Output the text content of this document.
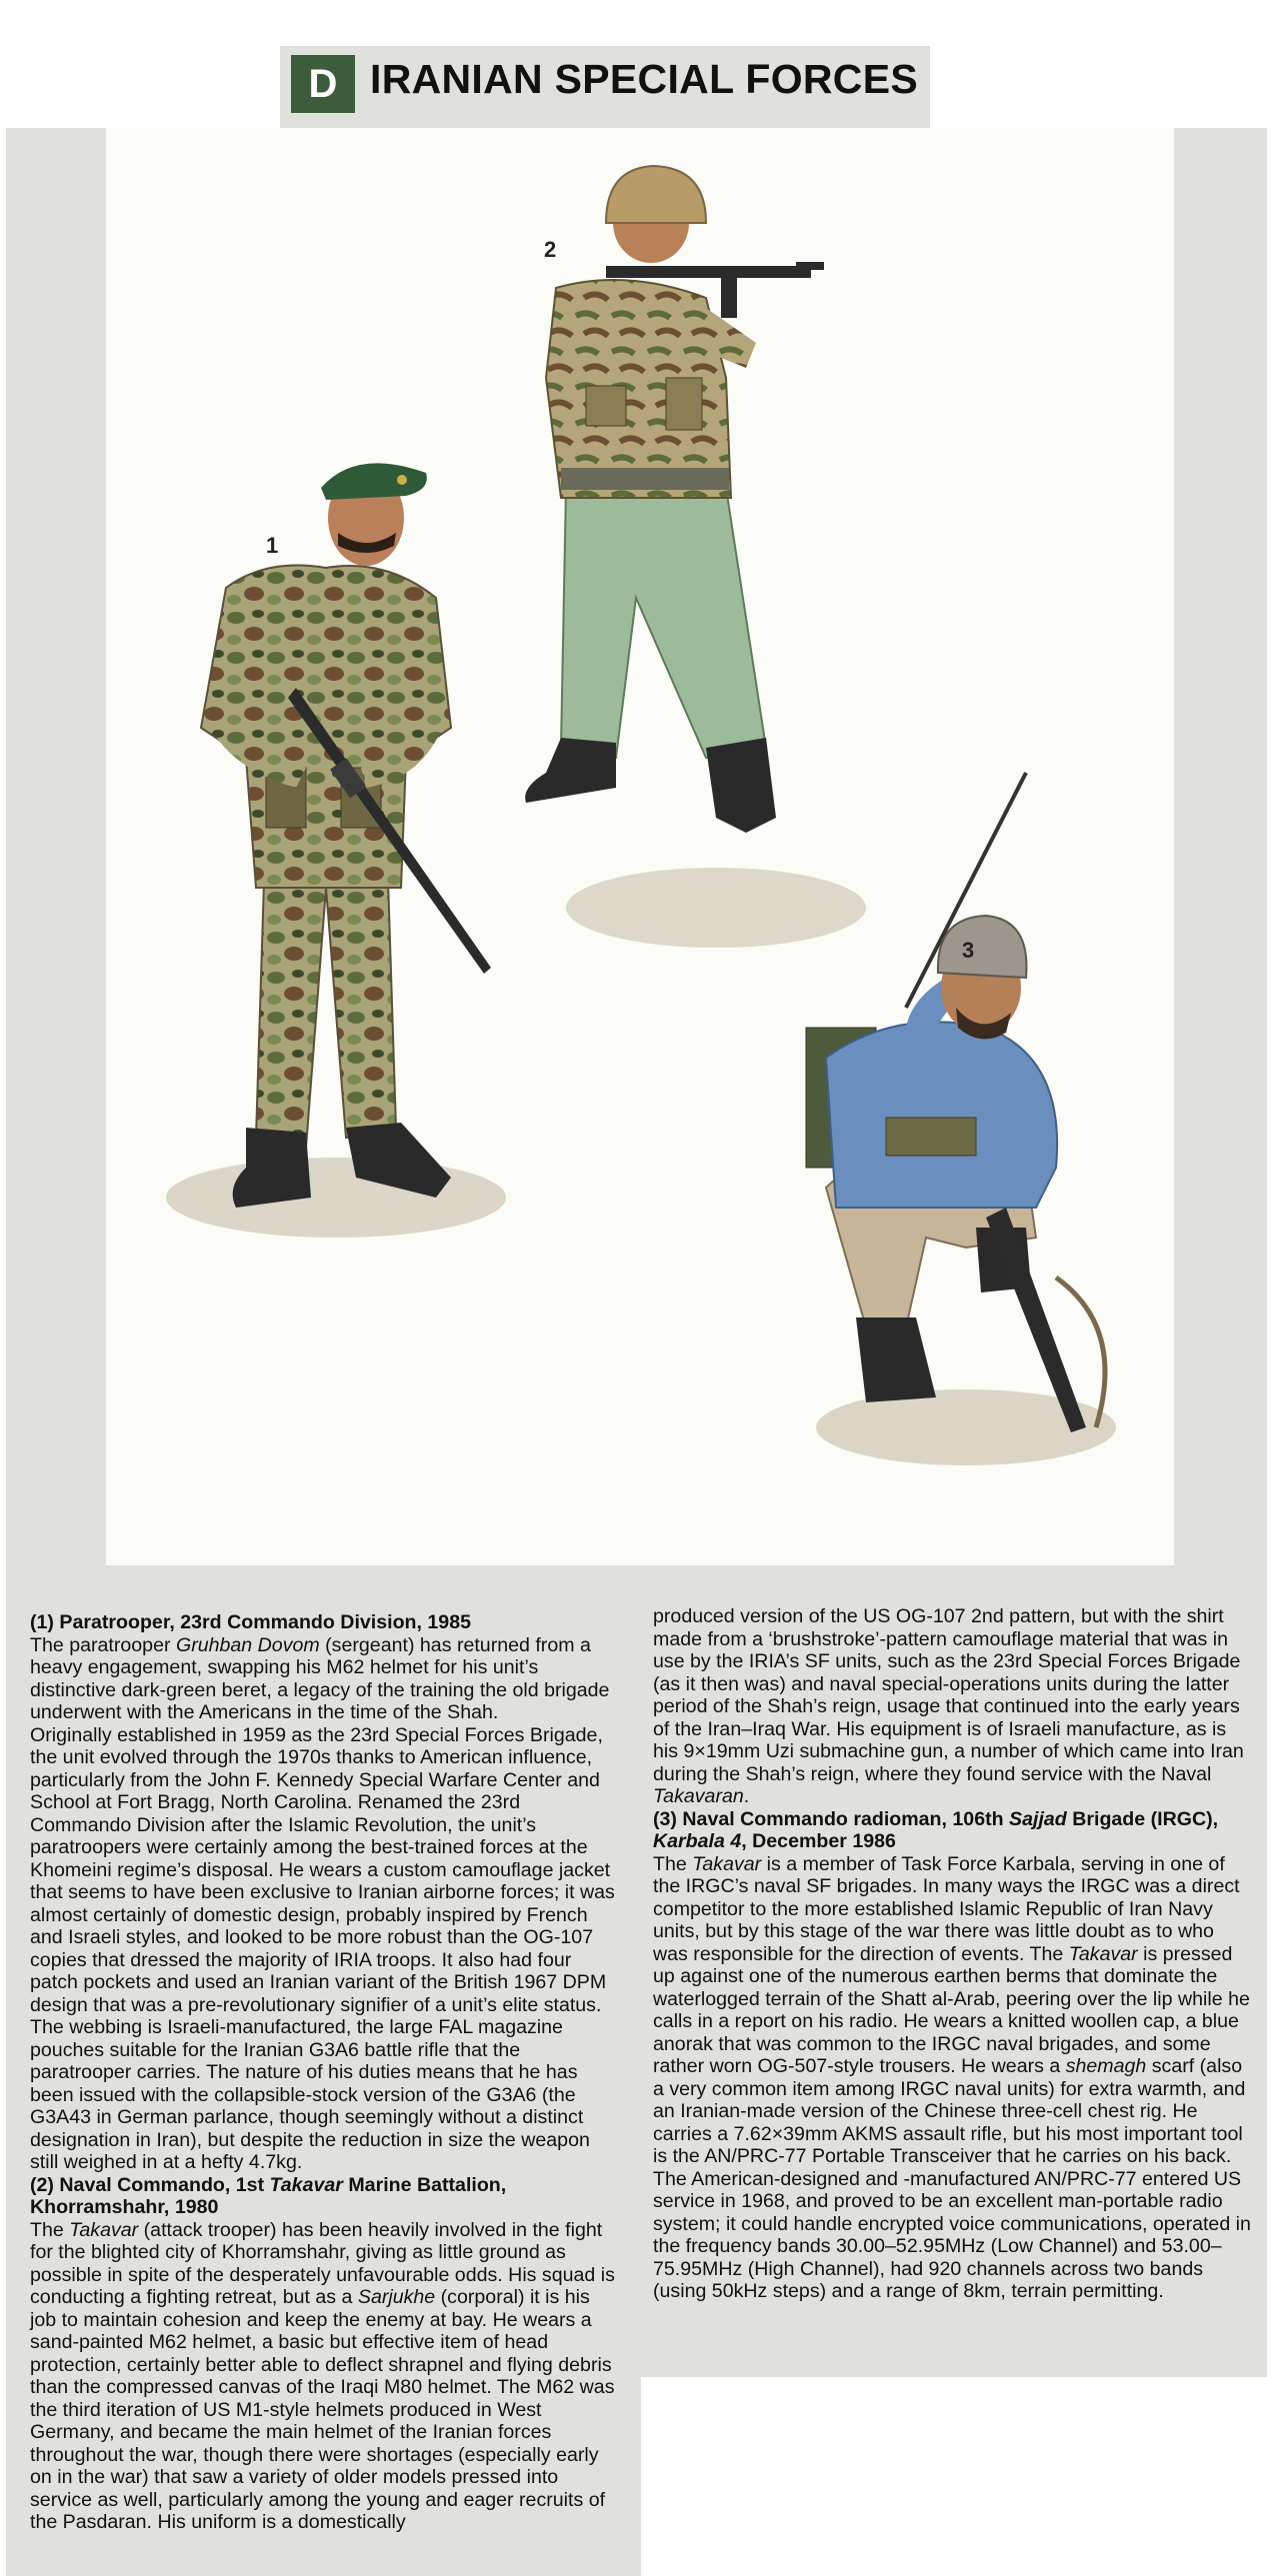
D IRANIAN SPECIAL FORCES
1
2
3
(1) Paratrooper, 23rd Commando Division, 1985

The paratrooper Gruhban Dovom (sergeant) has returned from a heavy engagement, swapping his M62 helmet for his unit’s distinctive dark-green beret, a legacy of the training the old brigade underwent with the Americans in the time of the Shah.

Originally established in 1959 as the 23rd Special Forces Brigade, the unit evolved through the 1970s thanks to American influence, particularly from the John F. Kennedy Special Warfare Center and School at Fort Bragg, North Carolina. Renamed the 23rd Commando Division after the Islamic Revolution, the unit’s paratroopers were certainly among the best-trained forces at the Khomeini regime’s disposal. He wears a custom camouflage jacket that seems to have been exclusive to Iranian airborne forces; it was almost certainly of domestic design, probably inspired by French and Israeli styles, and looked to be more robust than the OG-107 copies that dressed the majority of IRIA troops. It also had four patch pockets and used an Iranian variant of the British 1967 DPM design that was a pre-revolutionary signifier of a unit’s elite status. The webbing is Israeli-manufactured, the large FAL magazine pouches suitable for the Iranian G3A6 battle rifle that the paratrooper carries. The nature of his duties means that he has been issued with the collapsible-stock version of the G3A6 (the G3A43 in German parlance, though seemingly without a distinct designation in Iran), but despite the reduction in size the weapon still weighed in at a hefty 4.7kg.

(2) Naval Commando, 1st Takavar Marine Battalion, Khorramshahr, 1980

The Takavar (attack trooper) has been heavily involved in the fight for the blighted city of Khorramshahr, giving as little ground as possible in spite of the desperately unfavourable odds. His squad is conducting a fighting retreat, but as a Sarjukhe (corporal) it is his job to maintain cohesion and keep the enemy at bay. He wears a sand-painted M62 helmet, a basic but effective item of head protection, certainly better able to deflect shrapnel and flying debris than the compressed canvas of the Iraqi M80 helmet. The M62 was the third iteration of US M1-style helmets produced in West Germany, and became the main helmet of the Iranian forces throughout the war, though there were shortages (especially early on in the war) that saw a variety of older models pressed into service as well, particularly among the young and eager recruits of the Pasdaran. His uniform is a domestically

produced version of the US OG-107 2nd pattern, but with the shirt made from a ‘brushstroke’-pattern camouflage material that was in use by the IRIA’s SF units, such as the 23rd Special Forces Brigade (as it then was) and naval special-operations units during the latter period of the Shah’s reign, usage that continued into the early years of the Iran–Iraq War. His equipment is of Israeli manufacture, as is his 9×19mm Uzi submachine gun, a number of which came into Iran during the Shah’s reign, where they found service with the Naval Takavaran.

(3) Naval Commando radioman, 106th Sajjad Brigade (IRGC), Karbala 4, December 1986

The Takavar is a member of Task Force Karbala, serving in one of the IRGC’s naval SF brigades. In many ways the IRGC was a direct competitor to the more established Islamic Republic of Iran Navy units, but by this stage of the war there was little doubt as to who was responsible for the direction of events. The Takavar is pressed up against one of the numerous earthen berms that dominate the waterlogged terrain of the Shatt al-Arab, peering over the lip while he calls in a report on his radio. He wears a knitted woollen cap, a blue anorak that was common to the IRGC naval brigades, and some rather worn OG-507-style trousers. He wears a shemagh scarf (also a very common item among IRGC naval units) for extra warmth, and an Iranian-made version of the Chinese three-cell chest rig. He carries a 7.62×39mm AKMS assault rifle, but his most important tool is the AN/PRC-77 Portable Transceiver that he carries on his back. The American-designed and -manufactured AN/PRC-77 entered US service in 1968, and proved to be an excellent man-portable radio system; it could handle encrypted voice communications, operated in the frequency bands 30.00–52.95MHz (Low Channel) and 53.00–75.95MHz (High Channel), had 920 channels across two bands (using 50kHz steps) and a range of 8km, terrain permitting.
